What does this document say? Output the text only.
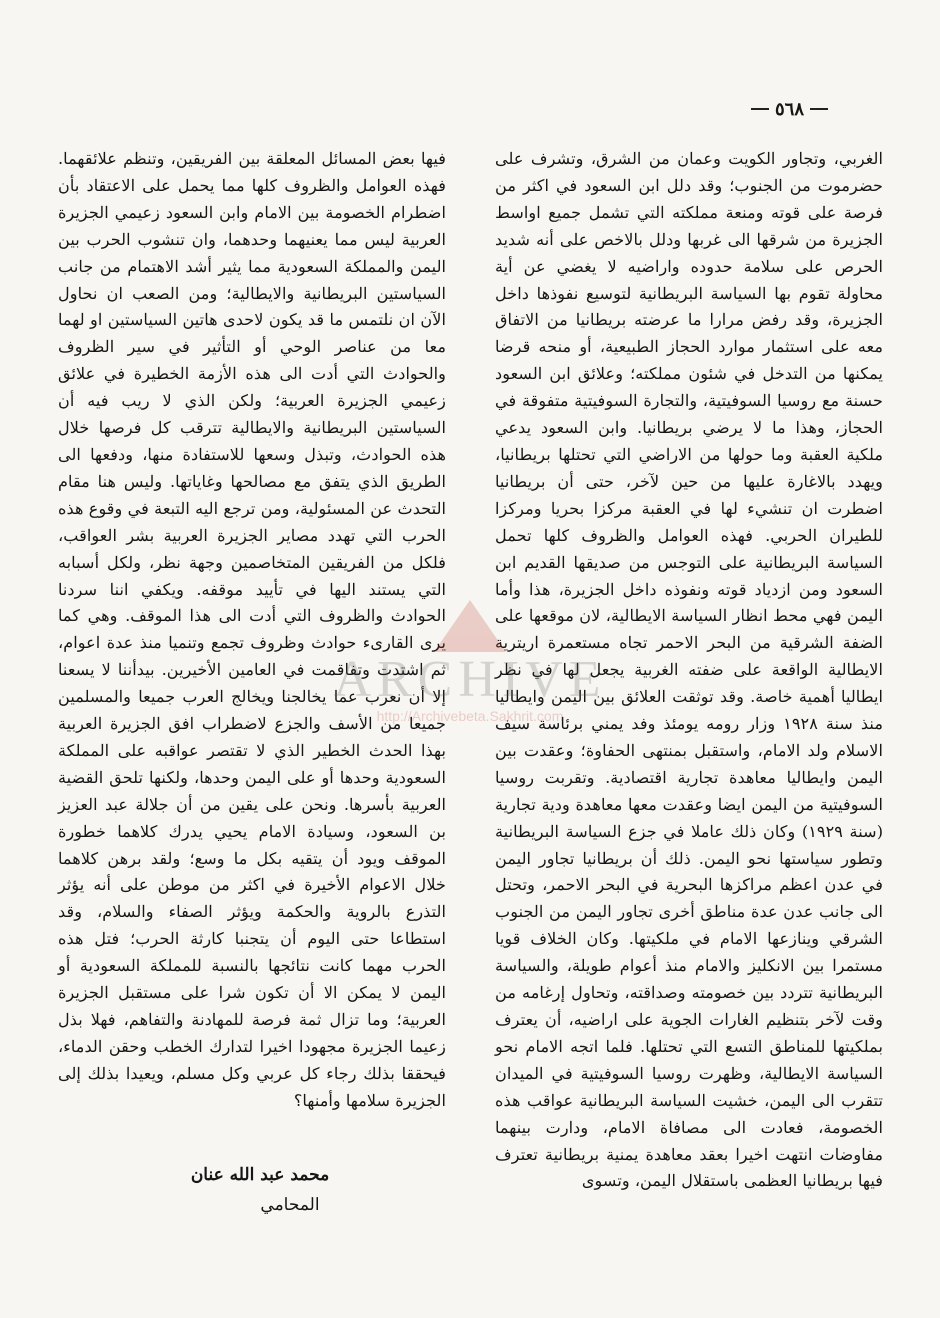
٥٦٨

الغربي، وتجاور الكويت وعمان من الشرق، وتشرف على حضرموت من الجنوب؛ وقد دلل ابن السعود في اكثر من فرصة على قوته ومنعة مملكته التي تشمل جميع اواسط الجزيرة من شرقها الى غربها ودلل بالاخص على أنه شديد الحرص على سلامة حدوده واراضيه لا يغضي عن أية محاولة تقوم بها السياسة البريطانية لتوسيع نفوذها داخل الجزيرة، وقد رفض مرارا ما عرضته بريطانيا من الاتفاق معه على استثمار موارد الحجاز الطبيعية، أو منحه قرضا يمكنها من التدخل في شئون مملكته؛ وعلائق ابن السعود حسنة مع روسيا السوفيتية، والتجارة السوفيتية متفوقة في الحجاز، وهذا ما لا يرضي بريطانيا. وابن السعود يدعي ملكية العقبة وما حولها من الاراضي التي تحتلها بريطانيا، ويهدد بالاغارة عليها من حين لآخر، حتى أن بريطانيا اضطرت ان تنشيء لها في العقبة مركزا بحريا ومركزا للطيران الحربي. فهذه العوامل والظروف كلها تحمل السياسة البريطانية على التوجس من صديقها القديم ابن السعود ومن ازدياد قوته ونفوذه داخل الجزيرة، هذا وأما اليمن فهي محط انظار السياسة الايطالية، لان موقعها على الضفة الشرقية من البحر الاحمر تجاه مستعمرة اريترية الايطالية الواقعة على ضفته الغربية يجعل لها في نظر ايطاليا أهمية خاصة. وقد توثقت العلائق بين اليمن وايطاليا منذ سنة ١٩٢٨ وزار رومه يومئذ وفد يمني برئاسة سيف الاسلام ولد الامام، واستقبل بمنتهى الحفاوة؛ وعقدت بين اليمن وايطاليا معاهدة تجارية اقتصادية. وتقربت روسيا السوفيتية من اليمن ايضا وعقدت معها معاهدة ودية تجارية (سنة ١٩٢٩) وكان ذلك عاملا في جزع السياسة البريطانية وتطور سياستها نحو اليمن. ذلك أن بريطانيا تجاور اليمن في عدن اعظم مراكزها البحرية في البحر الاحمر، وتحتل الى جانب عدن عدة مناطق أخرى تجاور اليمن من الجنوب الشرقي وينازعها الامام في ملكيتها. وكان الخلاف قويا مستمرا بين الانكليز والامام منذ أعوام طويلة، والسياسة البريطانية تتردد بين خصومته وصداقته، وتحاول إرغامه من وقت لآخر بتنظيم الغارات الجوية على اراضيه، أن يعترف بملكيتها للمناطق التسع التي تحتلها. فلما اتجه الامام نحو السياسة الايطالية، وظهرت روسيا السوفيتية في الميدان تتقرب الى اليمن، خشيت السياسة البريطانية عواقب هذه الخصومة، فعادت الى مصافاة الامام، ودارت بينهما مفاوضات انتهت اخيرا بعقد معاهدة يمنية بريطانية تعترف فيها بريطانيا العظمى باستقلال اليمن، وتسوى

فيها بعض المسائل المعلقة بين الفريقين، وتنظم علائقهما. فهذه العوامل والظروف كلها مما يحمل على الاعتقاد بأن اضطرام الخصومة بين الامام وابن السعود زعيمي الجزيرة العربية ليس مما يعنيهما وحدهما، وان تنشوب الحرب بين اليمن والمملكة السعودية مما يثير أشد الاهتمام من جانب السياستين البريطانية والايطالية؛ ومن الصعب ان نحاول الآن ان نلتمس ما قد يكون لاحدى هاتين السياستين او لهما معا من عناصر الوحي أو التأثير في سير الظروف والحوادث التي أدت الى هذه الأزمة الخطيرة في علائق زعيمي الجزيرة العربية؛ ولكن الذي لا ريب فيه أن السياستين البريطانية والايطالية تترقب كل فرصها خلال هذه الحوادث، وتبذل وسعها للاستفادة منها، ودفعها الى الطريق الذي يتفق مع مصالحها وغاياتها. وليس هنا مقام التحدث عن المسئولية، ومن ترجع اليه التبعة في وقوع هذه الحرب التي تهدد مصاير الجزيرة العربية بشر العواقب، فلكل من الفريقين المتخاصمين وجهة نظر، ولكل أسبابه التي يستند اليها في تأييد موقفه. ويكفي اننا سردنا الحوادث والظروف التي أدت الى هذا الموقف. وهي كما يرى القارىء حوادث وظروف تجمع وتنميا منذ عدة اعوام، ثم اشتدت وتفاقمت في العامين الأخيرين. بيدأننا لا يسعنا إلا أن نعرب عما يخالجنا ويخالج العرب جميعا والمسلمين جميعا من الأسف والجزع لاضطراب افق الجزيرة العربية بهذا الحدث الخطير الذي لا تقتصر عواقبه على المملكة السعودية وحدها أو على اليمن وحدها، ولكنها تلحق القضية العربية بأسرها. ونحن على يقين من أن جلالة عبد العزيز بن السعود، وسيادة الامام يحيي يدرك كلاهما خطورة الموقف ويود أن يتقيه بكل ما وسع؛ ولقد برهن كلاهما خلال الاعوام الأخيرة في اكثر من موطن على أنه يؤثر التذرع بالروية والحكمة ويؤثر الصفاء والسلام، وقد استطاعا حتى اليوم أن يتجنبا كارثة الحرب؛ فتل هذه الحرب مهما كانت نتائجها بالنسبة للمملكة السعودية أو اليمن لا يمكن الا أن تكون شرا على مستقبل الجزيرة العربية؛ وما تزال ثمة فرصة للمهادنة والتفاهم، فهلا بذل زعيما الجزيرة مجهودا اخيرا لتدارك الخطب وحقن الدماء، فيحققا بذلك رجاء كل عربي وكل مسلم، ويعيدا بذلك إلى الجزيرة سلامها وأمنها؟

محمد عبد الله عنان
المحامي
ARCHIVE
http://Archivebeta.Sakhrit.com
